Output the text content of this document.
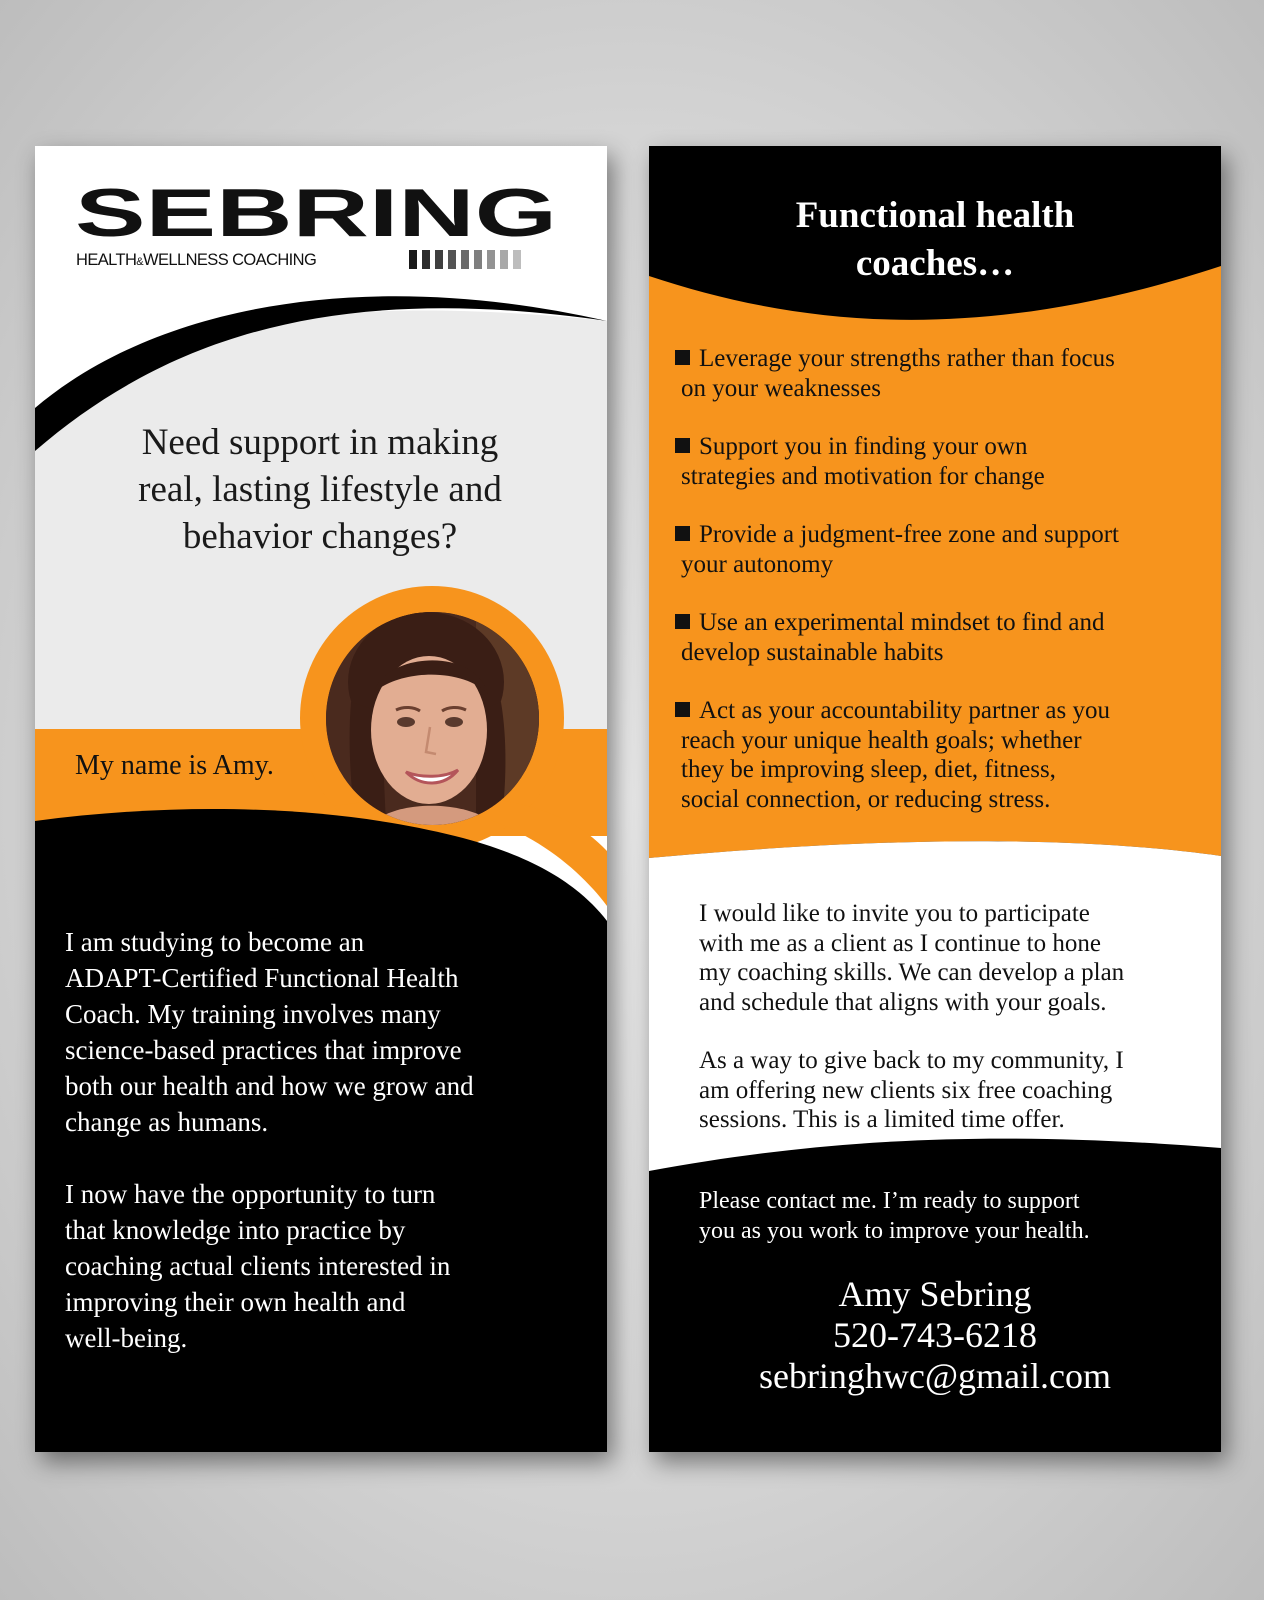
SEBRING
HEALTH&WELLNESS COACHING
Need support in making
real, lasting lifestyle and
behavior changes?
My name is Amy.

I am studying to become an
ADAPT-Certified Functional Health
Coach. My training involves many
science-based practices that improve
both our health and how we grow and
change as humans.

I now have the opportunity to turn
that knowledge into practice by
coaching actual clients interested in
improving their own health and
well-being.

Functional health
coaches…
Leverage your strengths rather than focus
on your weaknesses
Support you in finding your own
strategies and motivation for change
Provide a judgment-free zone and support
your autonomy
Use an experimental mindset to find and
develop sustainable habits
Act as your accountability partner as you
reach your unique health goals; whether
they be improving sleep, diet, fitness,
social connection, or reducing stress.
I would like to invite you to participate
with me as a client as I continue to hone
my coaching skills. We can develop a plan
and schedule that aligns with your goals.
As a way to give back to my community, I
am offering new clients six free coaching
sessions. This is a limited time offer.
Please contact me. I’m ready to support
you as you work to improve your health.
Amy Sebring
520-743-6218
sebringhwc@gmail.com
